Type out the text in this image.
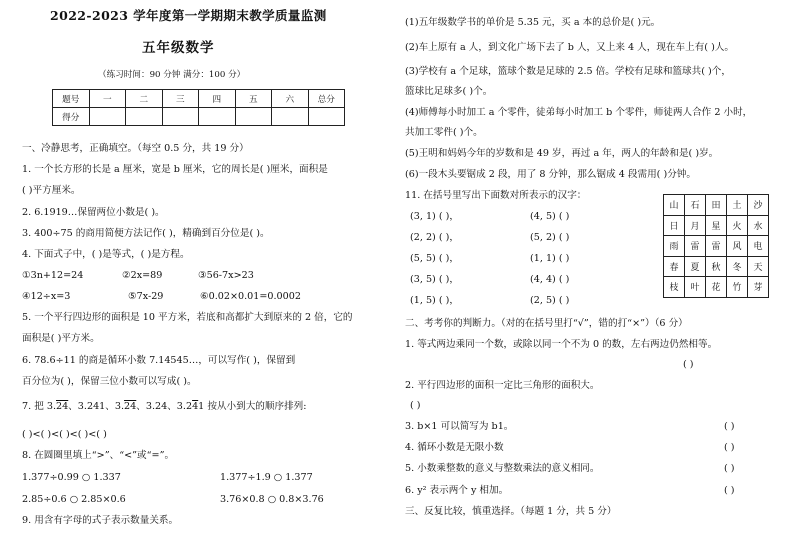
2022-2023 学年度第一学期期末教学质量监测
五年级数学
（练习时间：90 分钟 满分：100 分）
题号	一	二	三	四	五	六	总分
得分							
一、冷静思考，正确填空。（每空 0.5 分，共 19 分）
1. 一个长方形的长是 a 厘米，宽是 b 厘米，它的周长是( )厘米，面积是
( )平方厘米。
2. 6.1919…保留两位小数是( )。
3. 400÷75 的商用简便方法记作( )，精确到百分位是( )。
4. 下面式子中，( )是等式，( )是方程。
①3n+12=24	②2x=89	③56-7x>23
④12÷x=3	⑤7x-29	⑥0.02×0.01=0.0002
5. 一个平行四边形的面积是 10 平方米，若底和高都扩大到原来的 2 倍，它的
面积是( )平方米。
6. 78.6÷11 的商是循环小数 7.14545…，可以写作( )，保留到
百分位为( )，保留三位小数可以写成( )。
7. 把 3.24、3.241、3.24、3.24、3.241 按从小到大的顺序排列:
( )<( )<( )<( )<( )
8. 在圆圈里填上“>”、“<”或“=”。
1.377÷0.99 ○ 1.337	1.377÷1.9 ○ 1.377
2.85÷0.6 ○ 2.85×0.6	3.76×0.8 ○ 0.8×3.76
9. 用含有字母的式子表示数量关系。
(1)五年级数学书的单价是 5.35 元，买 a 本的总价是( )元。
(2)车上原有 a 人，到文化广场下去了 b 人，又上来 4 人，现在车上有( )人。
(3)学校有 a 个足球，篮球个数是足球的 2.5 倍。学校有足球和篮球共( )个，
篮球比足球多( )个。
(4)师傅每小时加工 a 个零件，徒弟每小时加工 b 个零件，师徒两人合作 2 小时，
共加工零件( )个。
(5)王明和妈妈今年的岁数和是 49 岁，再过 a 年，两人的年龄和是( )岁。
(6)一段木头要锯成 2 段，用了 8 分钟，那么锯成 4 段需用( )分钟。
11. 在括号里写出下面数对所表示的汉字：
(3, 1) ( )，	(4, 5) ( )
(2, 2) ( )，	(5, 2) ( )
(5, 5) ( )，	(1, 1) ( )
(3, 5) ( )，	(4, 4) ( )
(1, 5) ( )，	(2, 5) ( )
山	石	田	土	沙
日	月	星	火	水
雨	雷	雷	风	电
春	夏	秋	冬	天
枝	叶	花	竹	芽
二、考考你的判断力。（对的在括号里打“√”，错的打“×”）（6 分）
1. 等式两边乘同一个数，或除以同一个不为 0 的数，左右两边仍然相等。
( )
2. 平行四边形的面积一定比三角形的面积大。
( )
3. b×1 可以简写为 b1。	( )
4. 循环小数是无限小数	( )
5. 小数乘整数的意义与整数乘法的意义相同。	( )
6. y² 表示两个 y 相加。	( )
三、反复比较，慎重选择。（每题 1 分，共 5 分）
